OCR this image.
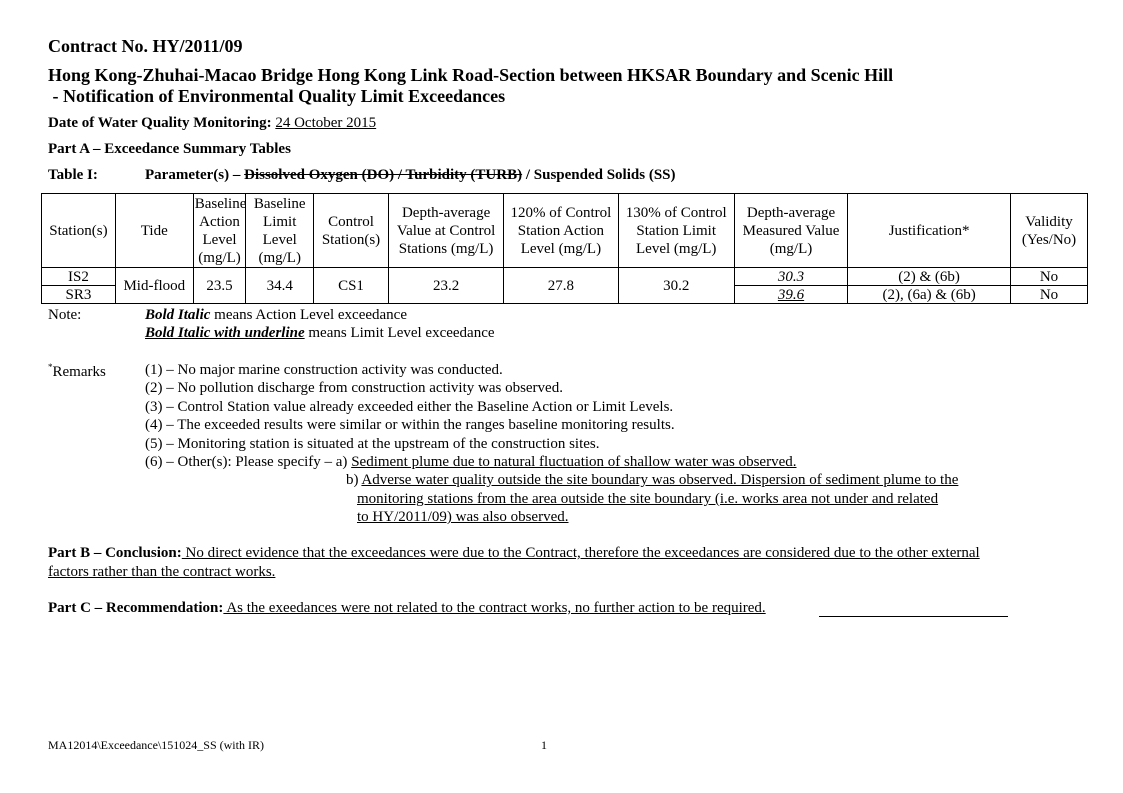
Contract No. HY/2011/09
Hong Kong-Zhuhai-Macao Bridge Hong Kong Link Road-Section between HKSAR Boundary and Scenic Hill
- Notification of Environmental Quality Limit Exceedances
Date of Water Quality Monitoring: 24 October 2015
Part A – Exceedance Summary Tables
Table I:	Parameter(s) – Dissolved Oxygen (DO) / Turbidity (TURB) / Suspended Solids (SS)
Station(s)	Tide	Baseline Action Level (mg/L)	Baseline Limit Level (mg/L)	Control Station(s)	Depth-average Value at Control Stations (mg/L)	120% of Control Station Action Level (mg/L)	130% of Control Station Limit Level (mg/L)	Depth-average Measured Value (mg/L)	Justification*	Validity (Yes/No)
IS2	Mid-flood	23.5	34.4	CS1	23.2	27.8	30.2	30.3	(2) & (6b)	No
SR3								39.6	(2), (6a) & (6b)	No
Note:	Bold Italic means Action Level exceedance
Bold Italic with underline means Limit Level exceedance
*Remarks	(1) – No major marine construction activity was conducted.
(2) – No pollution discharge from construction activity was observed.
(3) – Control Station value already exceeded either the Baseline Action or Limit Levels.
(4) – The exceeded results were similar or within the ranges baseline monitoring results.
(5) – Monitoring station is situated at the upstream of the construction sites.
(6) – Other(s): Please specify – a) Sediment plume due to natural fluctuation of shallow water was observed.
b) Adverse water quality outside the site boundary was observed. Dispersion of sediment plume to the
monitoring stations from the area outside the site boundary (i.e. works area not under and related
to HY/2011/09) was also observed.
Part B – Conclusion: No direct evidence that the exceedances were due to the Contract, therefore the exceedances are considered due to the other external
factors rather than the contract works.
Part C – Recommendation: As the exeedances were not related to the contract works, no further action to be required.
MA12014\Exceedance\151024_SS (with IR)	1
